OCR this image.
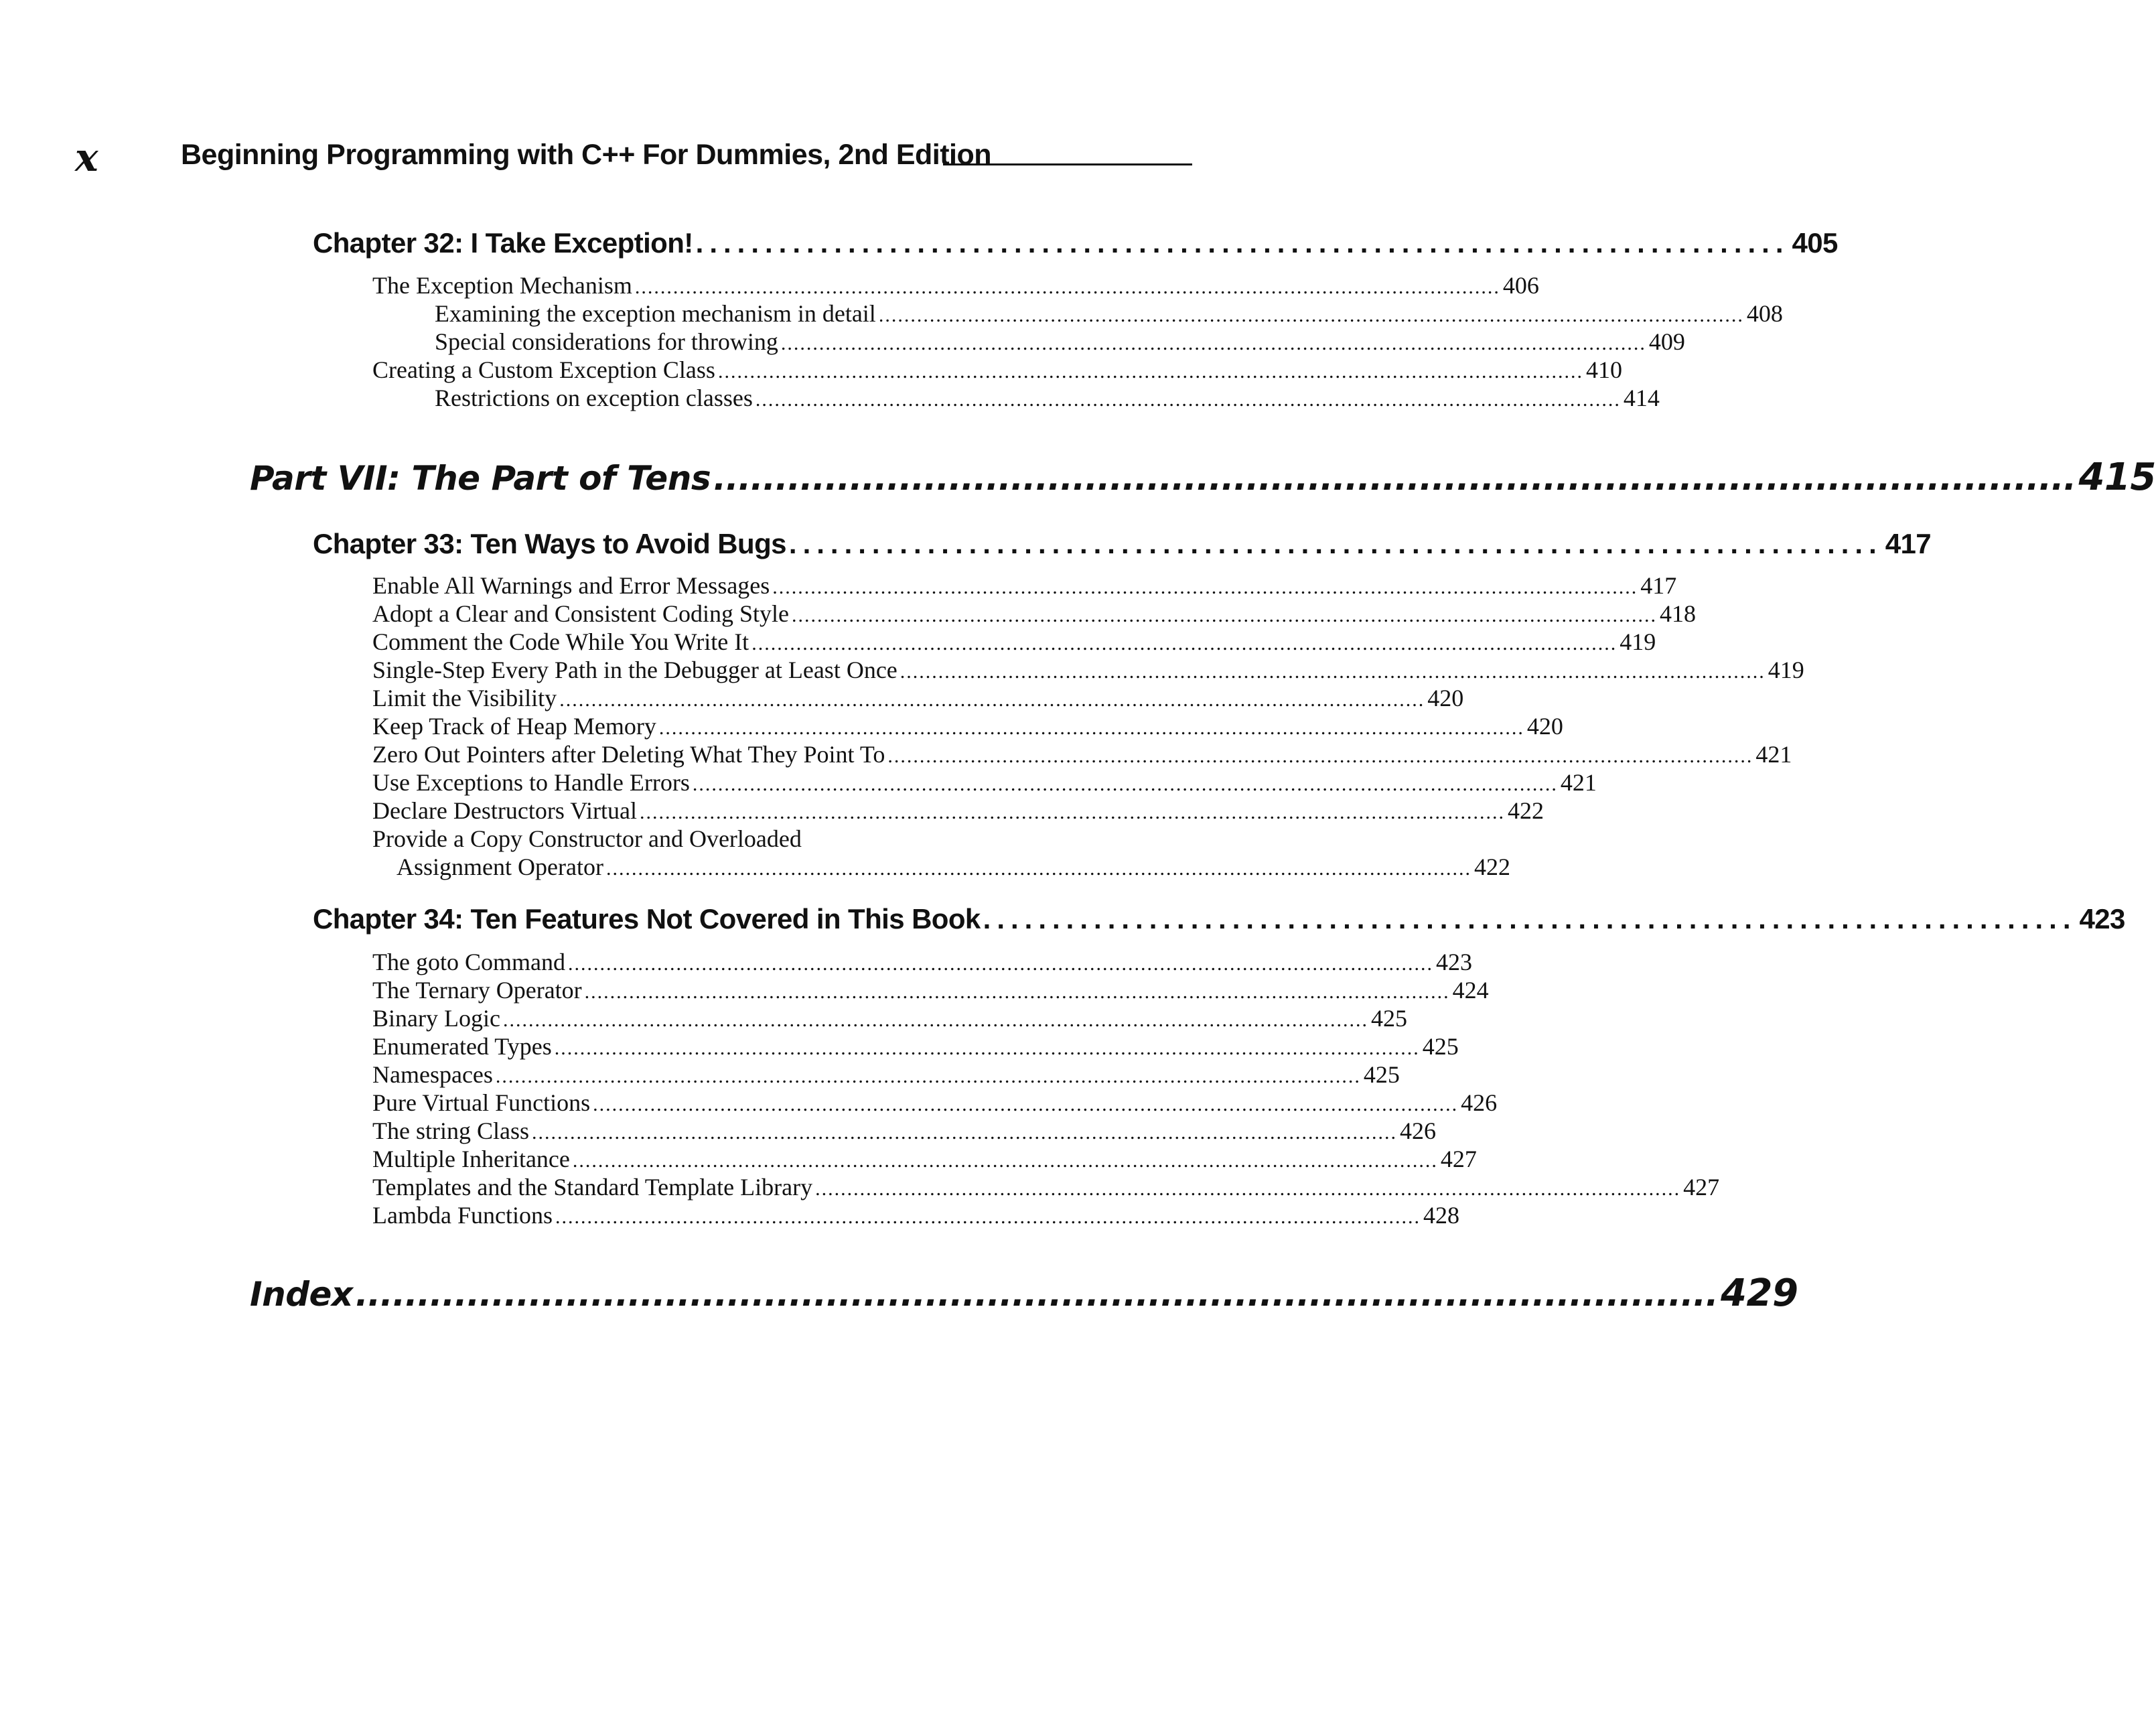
x	Beginning Programming with C++ For Dummies, 2nd Edition
Chapter 32: I Take Exception! ............................................................................... 405
The Exception Mechanism ........................................................................................................................................ 406
Examining the exception mechanism in detail ........................................................................................................................................ 408
Special considerations for throwing ........................................................................................................................................ 409
Creating a Custom Exception Class ........................................................................................................................................ 410
Restrictions on exception classes ........................................................................................................................................ 414
Part VII: The Part of Tens .............................................................................................................. 415
Chapter 33: Ten Ways to Avoid Bugs ............................................................................... 417
Enable All Warnings and Error Messages ........................................................................................................................................ 417
Adopt a Clear and Consistent Coding Style ........................................................................................................................................ 418
Comment the Code While You Write It ........................................................................................................................................ 419
Single-Step Every Path in the Debugger at Least Once ........................................................................................................................................ 419
Limit the Visibility ........................................................................................................................................ 420
Keep Track of Heap Memory ........................................................................................................................................ 420
Zero Out Pointers after Deleting What They Point To ........................................................................................................................................ 421
Use Exceptions to Handle Errors ........................................................................................................................................ 421
Declare Destructors Virtual ........................................................................................................................................ 422
Provide a Copy Constructor and Overloaded
Assignment Operator ........................................................................................................................................ 422
Chapter 34: Ten Features Not Covered in This Book ............................................................................... 423
The goto Command ........................................................................................................................................ 423
The Ternary Operator ........................................................................................................................................ 424
Binary Logic ........................................................................................................................................ 425
Enumerated Types ........................................................................................................................................ 425
Namespaces ........................................................................................................................................ 425
Pure Virtual Functions ........................................................................................................................................ 426
The string Class ........................................................................................................................................ 426
Multiple Inheritance ........................................................................................................................................ 427
Templates and the Standard Template Library ........................................................................................................................................ 427
Lambda Functions ........................................................................................................................................ 428
Index .............................................................................................................. 429
